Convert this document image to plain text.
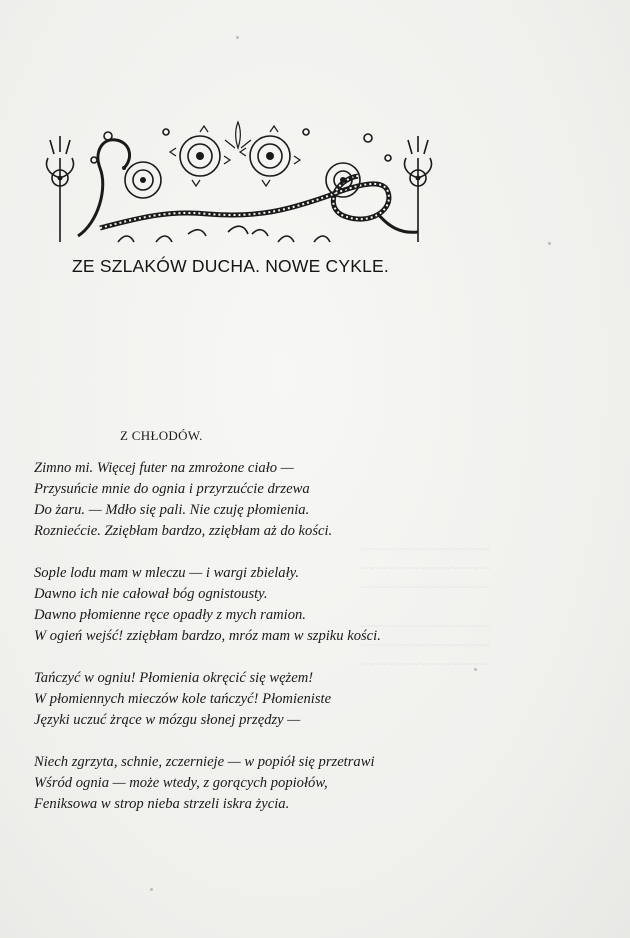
~~~~~~~~~~~~~~~~~~~~
~~~~~~~~~~~~~~~~~~~~
~~~~~~~~~~~~~~~~~~~~
~~~~~~~~~~~~~~~~~~~~
~~~~~~~~~~~~~~~~~~~~
~~~~~~~~~~~~~~~~~~~~
ZE SZLAKÓW DUCHA. NOWE CYKLE.
Z CHŁODÓW.
Zimno mi. Więcej futer na zmrożone ciało —
Przysuńcie mnie do ognia i przyrzućcie drzewa
Do żaru. — Mdło się pali. Nie czuję płomienia.
Rozniećcie. Zziębłam bardzo, zziębłam aż do kości.
Sople lodu mam w mleczu — i wargi zbielały.
Dawno ich nie całował bóg ognistousty.
Dawno płomienne ręce opadły z mych ramion.
W ogień wejść! zziębłam bardzo, mróz mam w szpiku kości.
Tańczyć w ogniu! Płomienia okręcić się wężem!
W płomiennych mieczów kole tańczyć! Płomieniste
Języki uczuć żrące w mózgu słonej przędzy —
Niech zgrzyta, schnie, zczernieje — w popiół się przetrawi
Wśród ognia — może wtedy, z gorących popiołów,
Feniksowa w strop nieba strzeli iskra życia.
